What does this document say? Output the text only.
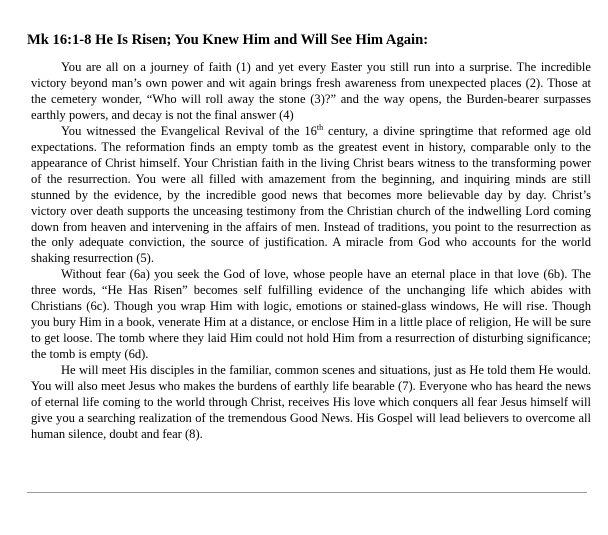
Mk 16:1-8 He Is Risen; You Knew Him and Will See Him Again:

You are all on a journey of faith (1) and yet every Easter you still run into a surprise. The incredible victory beyond man’s own power and wit again brings fresh awareness from unexpected places (2). Those at the cemetery wonder, “Who will roll away the stone (3)?” and the way opens, the Burden-bearer surpasses earthly powers, and decay is not the final answer (4)

You witnessed the Evangelical Revival of the 16th century, a divine springtime that reformed age old expectations. The reformation finds an empty tomb as the greatest event in history, comparable only to the appearance of Christ himself. Your Christian faith in the living Christ bears witness to the transforming power of the resurrection. You were all filled with amazement from the beginning, and inquiring minds are still stunned by the evidence, by the incredible good news that becomes more believable day by day. Christ’s victory over death supports the unceasing testimony from the Christian church of the indwelling Lord coming down from heaven and intervening in the affairs of men. Instead of traditions, you point to the resurrection as the only adequate conviction, the source of justification. A miracle from God who accounts for the world shaking resurrection (5).

Without fear (6a) you seek the God of love, whose people have an eternal place in that love (6b). The three words, “He Has Risen” becomes self fulfilling evidence of the unchanging life which abides with Christians (6c). Though you wrap Him with logic, emotions or stained-glass windows, He will rise. Though you bury Him in a book, venerate Him at a distance, or enclose Him in a little place of religion, He will be sure to get loose. The tomb where they laid Him could not hold Him from a resurrection of disturbing significance; the tomb is empty (6d).

He will meet His disciples in the familiar, common scenes and situations, just as He told them He would. You will also meet Jesus who makes the burdens of earthly life bearable (7). Everyone who has heard the news of eternal life coming to the world through Christ, receives His love which conquers all fear Jesus himself will give you a searching realization of the tremendous Good News. His Gospel will lead believers to overcome all human silence, doubt and fear (8).
